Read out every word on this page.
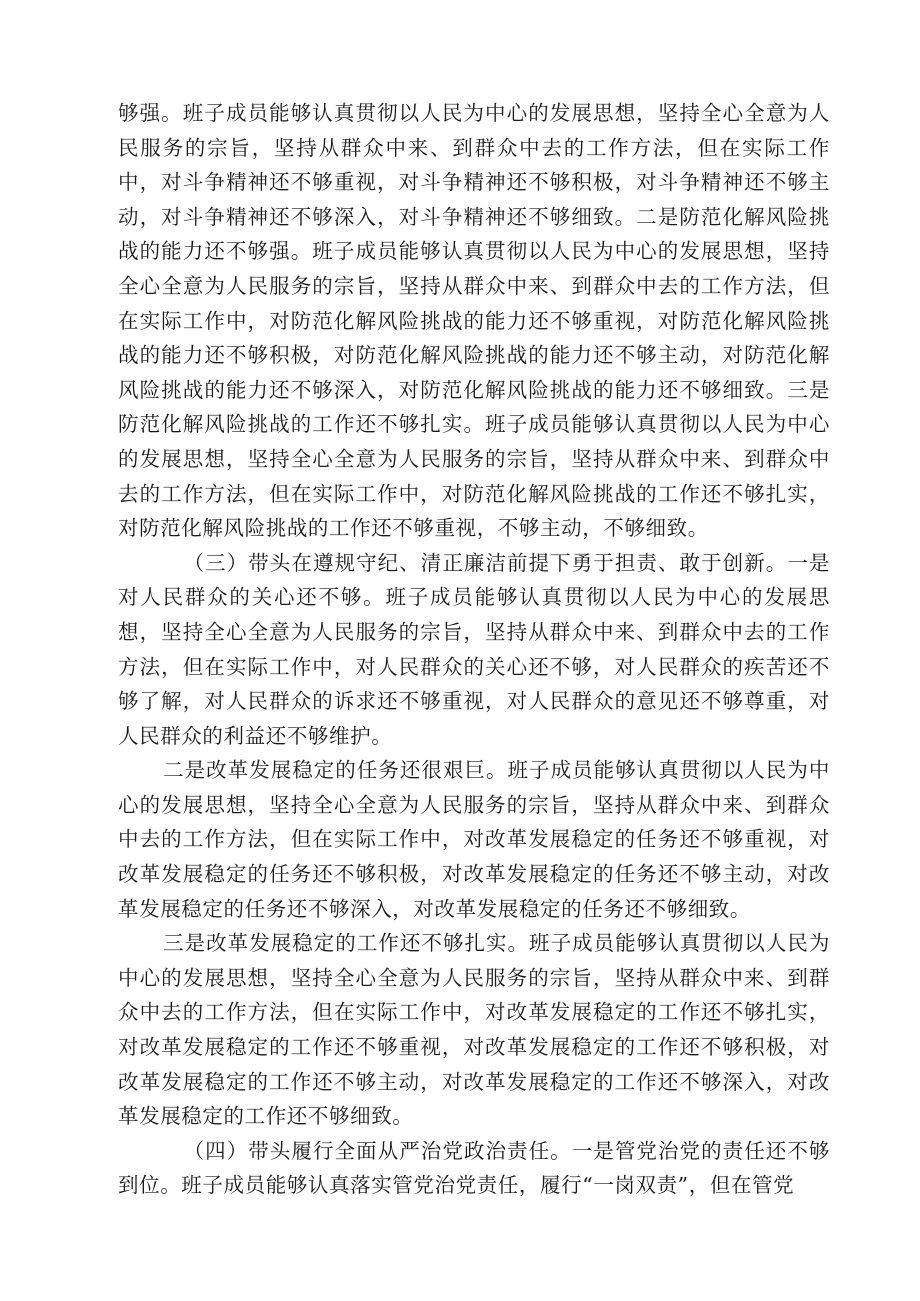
够强。班子成员能够认真贯彻以人民为中心的发展思想，坚持全心全意为人民服务的宗旨，坚持从群众中来、到群众中去的工作方法，但在实际工作中，对斗争精神还不够重视，对斗争精神还不够积极，对斗争精神还不够主动，对斗争精神还不够深入，对斗争精神还不够细致。二是防范化解风险挑战的能力还不够强。班子成员能够认真贯彻以人民为中心的发展思想，坚持全心全意为人民服务的宗旨，坚持从群众中来、到群众中去的工作方法，但在实际工作中，对防范化解风险挑战的能力还不够重视，对防范化解风险挑战的能力还不够积极，对防范化解风险挑战的能力还不够主动，对防范化解风险挑战的能力还不够深入，对防范化解风险挑战的能力还不够细致。三是防范化解风险挑战的工作还不够扎实。班子成员能够认真贯彻以人民为中心的发展思想，坚持全心全意为人民服务的宗旨，坚持从群众中来、到群众中去的工作方法，但在实际工作中，对防范化解风险挑战的工作还不够扎实，对防范化解风险挑战的工作还不够重视，不够主动，不够细致。

（三）带头在遵规守纪、清正廉洁前提下勇于担责、敢于创新。一是对人民群众的关心还不够。班子成员能够认真贯彻以人民为中心的发展思想，坚持全心全意为人民服务的宗旨，坚持从群众中来、到群众中去的工作方法，但在实际工作中，对人民群众的关心还不够，对人民群众的疾苦还不够了解，对人民群众的诉求还不够重视，对人民群众的意见还不够尊重，对人民群众的利益还不够维护。

二是改革发展稳定的任务还很艰巨。班子成员能够认真贯彻以人民为中心的发展思想，坚持全心全意为人民服务的宗旨，坚持从群众中来、到群众中去的工作方法，但在实际工作中，对改革发展稳定的任务还不够重视，对改革发展稳定的任务还不够积极，对改革发展稳定的任务还不够主动，对改革发展稳定的任务还不够深入，对改革发展稳定的任务还不够细致。

三是改革发展稳定的工作还不够扎实。班子成员能够认真贯彻以人民为中心的发展思想，坚持全心全意为人民服务的宗旨，坚持从群众中来、到群众中去的工作方法，但在实际工作中，对改革发展稳定的工作还不够扎实，对改革发展稳定的工作还不够重视，对改革发展稳定的工作还不够积极，对改革发展稳定的工作还不够主动，对改革发展稳定的工作还不够深入，对改革发展稳定的工作还不够细致。

（四）带头履行全面从严治党政治责任。一是管党治党的责任还不够到位。班子成员能够认真落实管党治党责任，履行“一岗双责”，但在管党
